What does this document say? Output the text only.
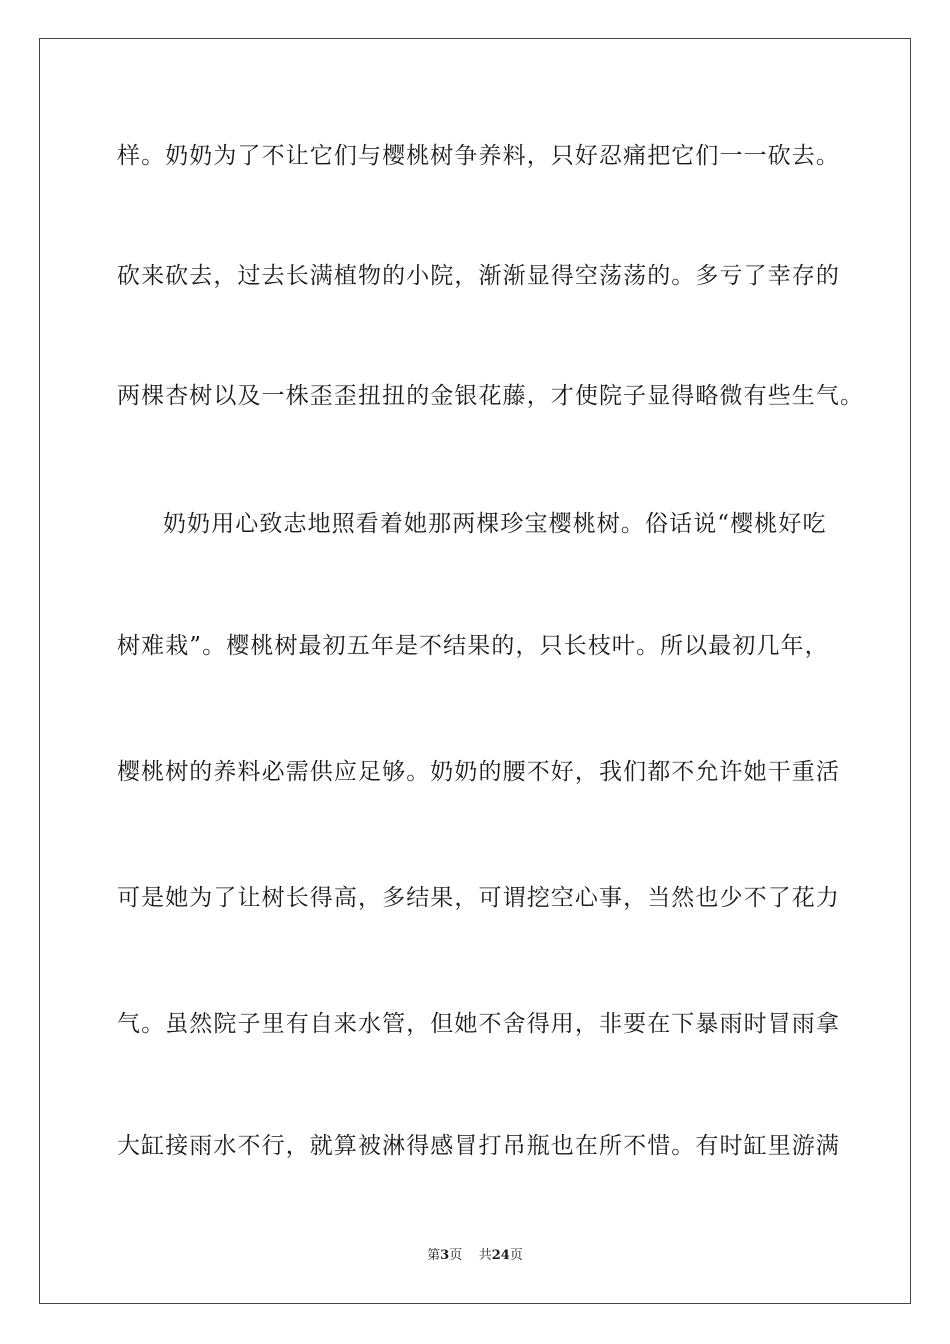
样。奶奶为了不让它们与樱桃树争养料，只好忍痛把它们一一砍去。
砍来砍去，过去长满植物的小院，渐渐显得空荡荡的。多亏了幸存的
两棵杏树以及一株歪歪扭扭的金银花藤，才使院子显得略微有些生气。
奶奶用心致志地照看着她那两棵珍宝樱桃树。俗话说“樱桃好吃
树难栽”。樱桃树最初五年是不结果的，只长枝叶。所以最初几年，
樱桃树的养料必需供应足够。奶奶的腰不好，我们都不允许她干重活
可是她为了让树长得高，多结果，可谓挖空心事，当然也少不了花力
气。虽然院子里有自来水管，但她不舍得用，非要在下暴雨时冒雨拿
大缸接雨水不行，就算被淋得感冒打吊瓶也在所不惜。有时缸里游满
第3页 共24页
